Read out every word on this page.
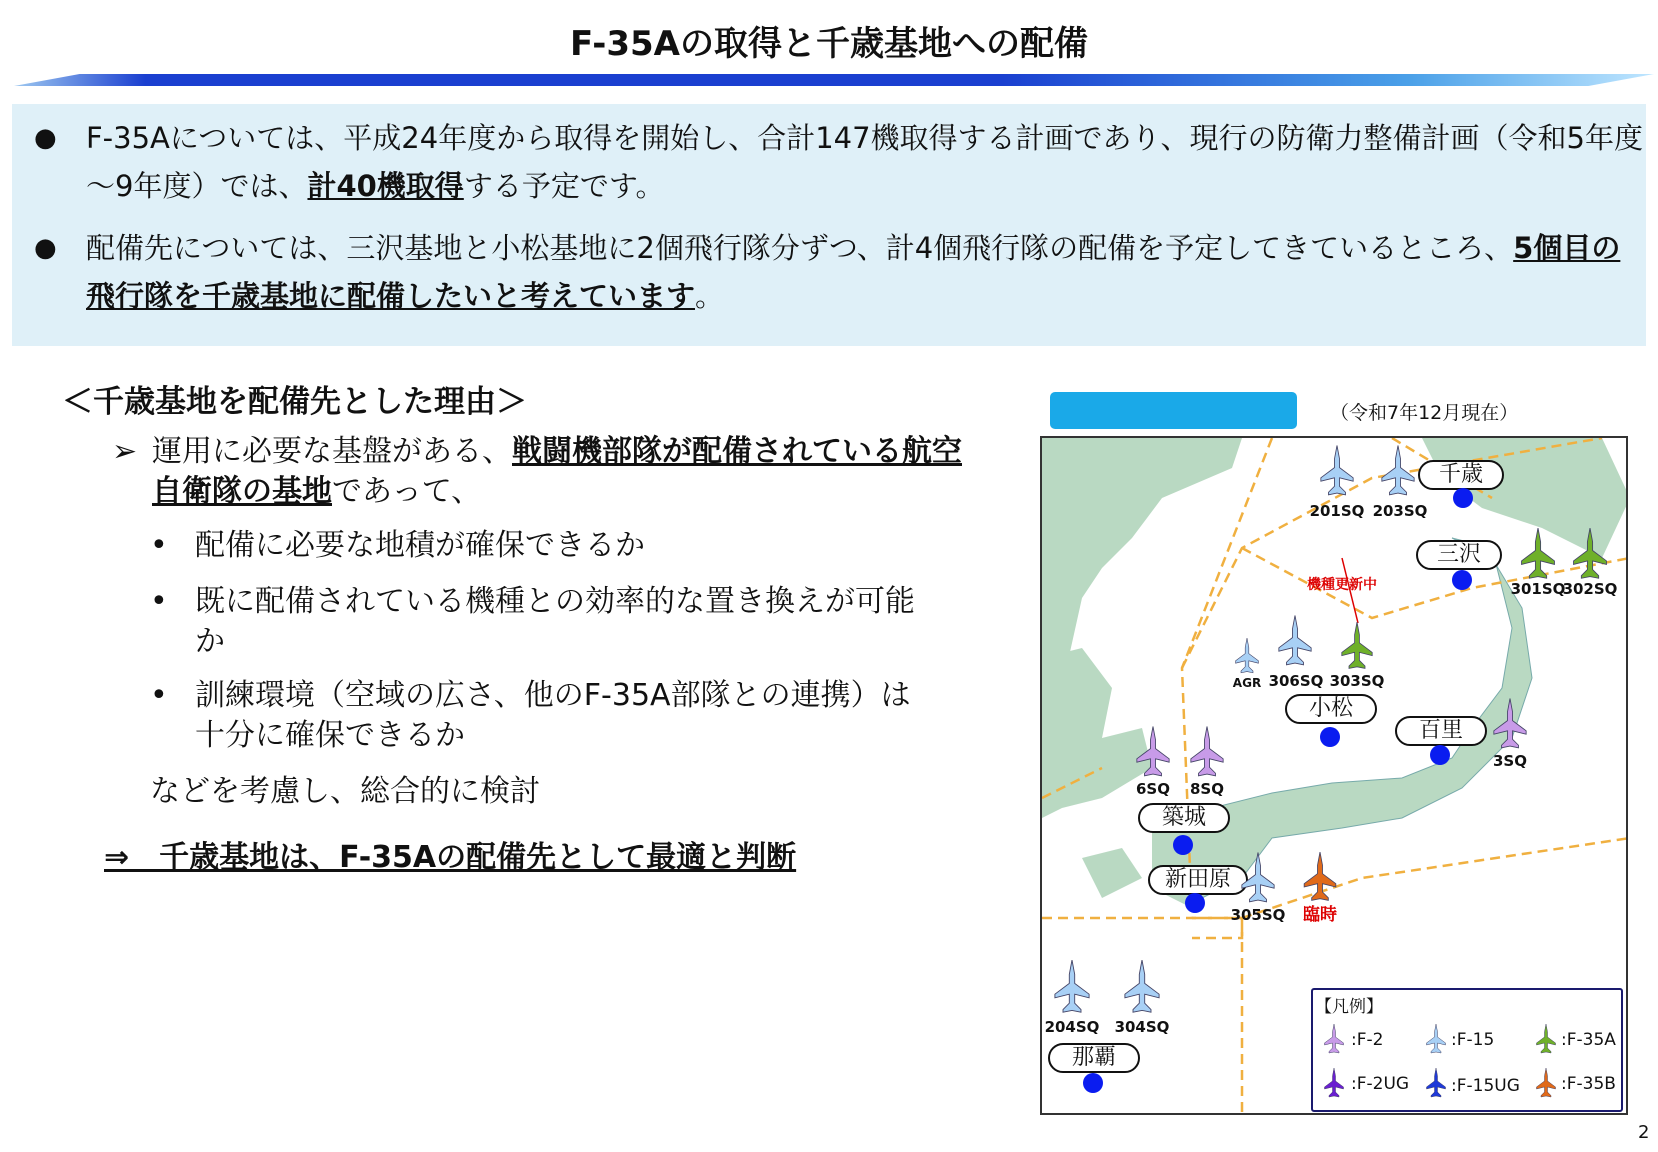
F-35Aの取得と千歳基地への配備
● F-35Aについては、平成24年度から取得を開始し、合計147機取得する計画であり、現行の防衛力整備計画（令和5年度～9年度）では、計40機取得する予定です。
● 配備先については、三沢基地と小松基地に2個飛行隊分ずつ、計4個飛行隊の配備を予定してきているところ、5個目の飛行隊を千歳基地に配備したいと考えています。
＜千歳基地を配備先とした理由＞
➢ 運用に必要な基盤がある、戦闘機部隊が配備されている航空自衛隊の基地であって、
• 配備に必要な地積が確保できるか
• 既に配備されている機種との効率的な置き換えが可能か
• 訓練環境（空域の広さ、他のF-35A部隊との連携）は十分に確保できるか
などを考慮し、総合的に検討
⇒　千歳基地は、F-35Aの配備先として最適と判断
（令和7年12月現在）
千歳
三沢
小松
百里
築城
新田原
那覇
201SQ 203SQ
301SQ
302SQ
AGR 306SQ 303SQ
機種更新中
3SQ
6SQ 8SQ
305SQ 臨時
204SQ 304SQ
【凡例】
:F-2	:F-15	:F-35A
:F-2UG :F-15UG :F-35B
2
